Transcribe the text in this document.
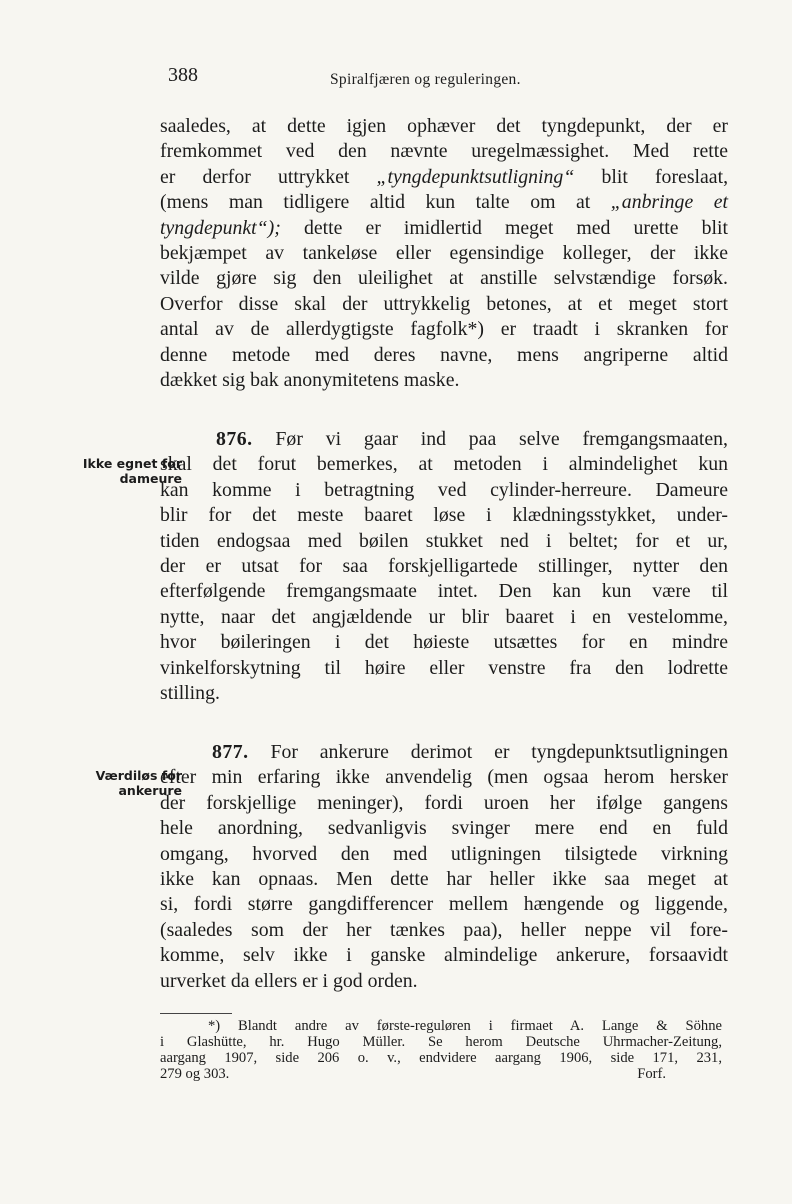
388	Spiralfjæren og reguleringen.
saaledes, at dette igjen ophæver det tyngdepunkt, der er
fremkommet ved den nævnte uregelmæssighet. Med rette
er derfor uttrykket „tyngdepunktsutligning“ blit foreslaat,
(mens man tidligere altid kun talte om at „anbringe et
tyngdepunkt“); dette er imidlertid meget med urette blit
bekjæmpet av tankeløse eller egensindige kolleger, der ikke
vilde gjøre sig den uleilighet at anstille selvstændige forsøk.
Overfor disse skal der uttrykkelig betones, at et meget stort
antal av de allerdygtigste fagfolk*) er traadt i skranken for
denne metode med deres navne, mens angriperne altid
dækket sig bak anonymitetens maske.
Ikke egnet for
dameure
876. Før vi gaar ind paa selve fremgangsmaaten,
skal det forut bemerkes, at metoden i almindelighet kun
kan komme i betragtning ved cylinder-herreure. Dameure
blir for det meste baaret løse i klædningsstykket, under-
tiden endogsaa med bøilen stukket ned i beltet; for et ur,
der er utsat for saa forskjelligartede stillinger, nytter den
efterfølgende fremgangsmaate intet. Den kan kun være til
nytte, naar det angjældende ur blir baaret i en vestelomme,
hvor bøileringen i det høieste utsættes for en mindre
vinkelforskytning til høire eller venstre fra den lodrette
stilling.
Værdiløs for
ankerure
877. For ankerure derimot er tyngdepunktsutligningen
efter min erfaring ikke anvendelig (men ogsaa herom hersker
der forskjellige meninger), fordi uroen her ifølge gangens
hele anordning, sedvanligvis svinger mere end en fuld
omgang, hvorved den med utligningen tilsigtede virkning
ikke kan opnaas. Men dette har heller ikke saa meget at
si, fordi større gangdifferencer mellem hængende og liggende,
(saaledes som der her tænkes paa), heller neppe vil fore-
komme, selv ikke i ganske almindelige ankerure, forsaavidt
urverket da ellers er i god orden.
*) Blandt andre av første-reguløren i firmaet A. Lange & Söhne
i Glashütte, hr. Hugo Müller. Se herom Deutsche Uhrmacher-Zeitung,
aargang 1907, side 206 o. v., endvidere aargang 1906, side 171, 231,
279 og 303.	Forf.
